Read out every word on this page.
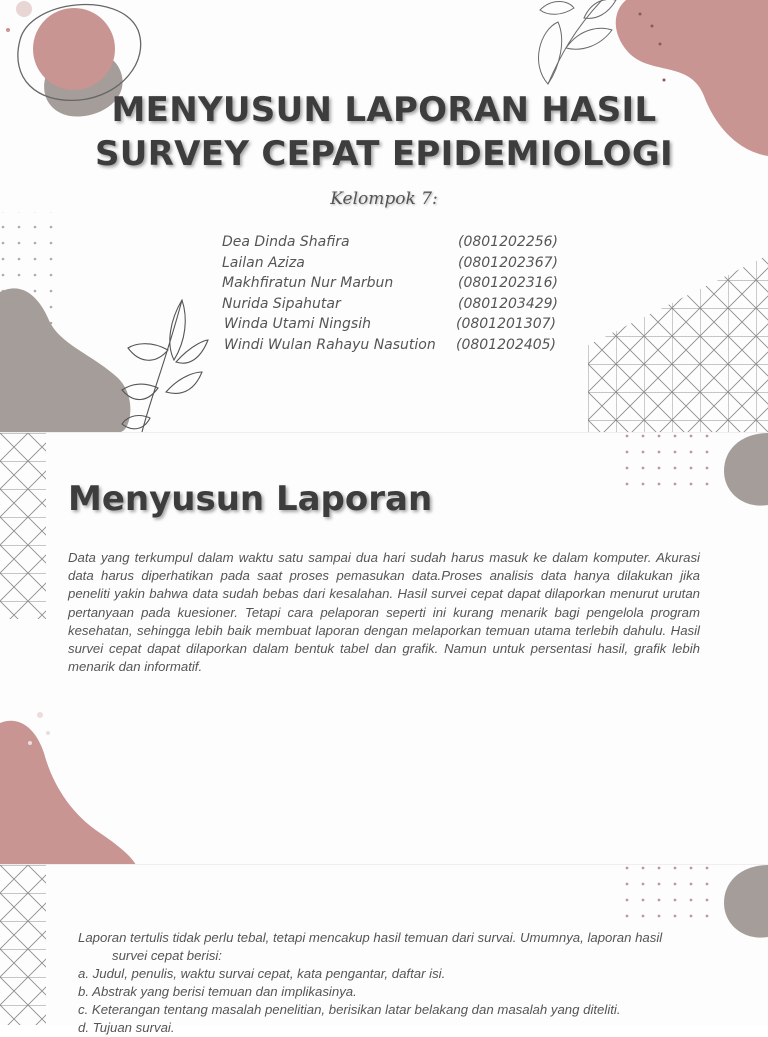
MENYUSUN LAPORAN HASIL
SURVEY CEPAT EPIDEMIOLOGI
Kelompok 7:
Dea Dinda Shafira	(0801202256)
Lailan Aziza	(0801202367)
Makhfiratun Nur Marbun	(0801202316)
Nurida Sipahutar	(0801203429)
Winda Utami Ningsih	(0801201307)
Windi Wulan Rahayu Nasution (0801202405)
Menyusun Laporan

Data yang terkumpul dalam waktu satu sampai dua hari sudah harus masuk ke dalam komputer. Akurasi data harus diperhatikan pada saat proses pemasukan data.Proses analisis data hanya dilakukan jika peneliti yakin bahwa data sudah bebas dari kesalahan. Hasil survei cepat dapat dilaporkan menurut urutan pertanyaan pada kuesioner. Tetapi cara pelaporan seperti ini kurang menarik bagi pengelola program kesehatan, sehingga lebih baik membuat laporan dengan melaporkan temuan utama terlebih dahulu. Hasil survei cepat dapat dilaporkan dalam bentuk tabel dan grafik. Namun untuk persentasi hasil, grafik lebih menarik dan informatif.

Laporan tertulis tidak perlu tebal, tetapi mencakup hasil temuan dari survai. Umumnya, laporan hasil
survei cepat berisi:

a. Judul, penulis, waktu survai cepat, kata pengantar, daftar isi.

b. Abstrak yang berisi temuan dan implikasinya.

c. Keterangan tentang masalah penelitian, berisikan latar belakang dan masalah yang diteliti.

d. Tujuan survai.
